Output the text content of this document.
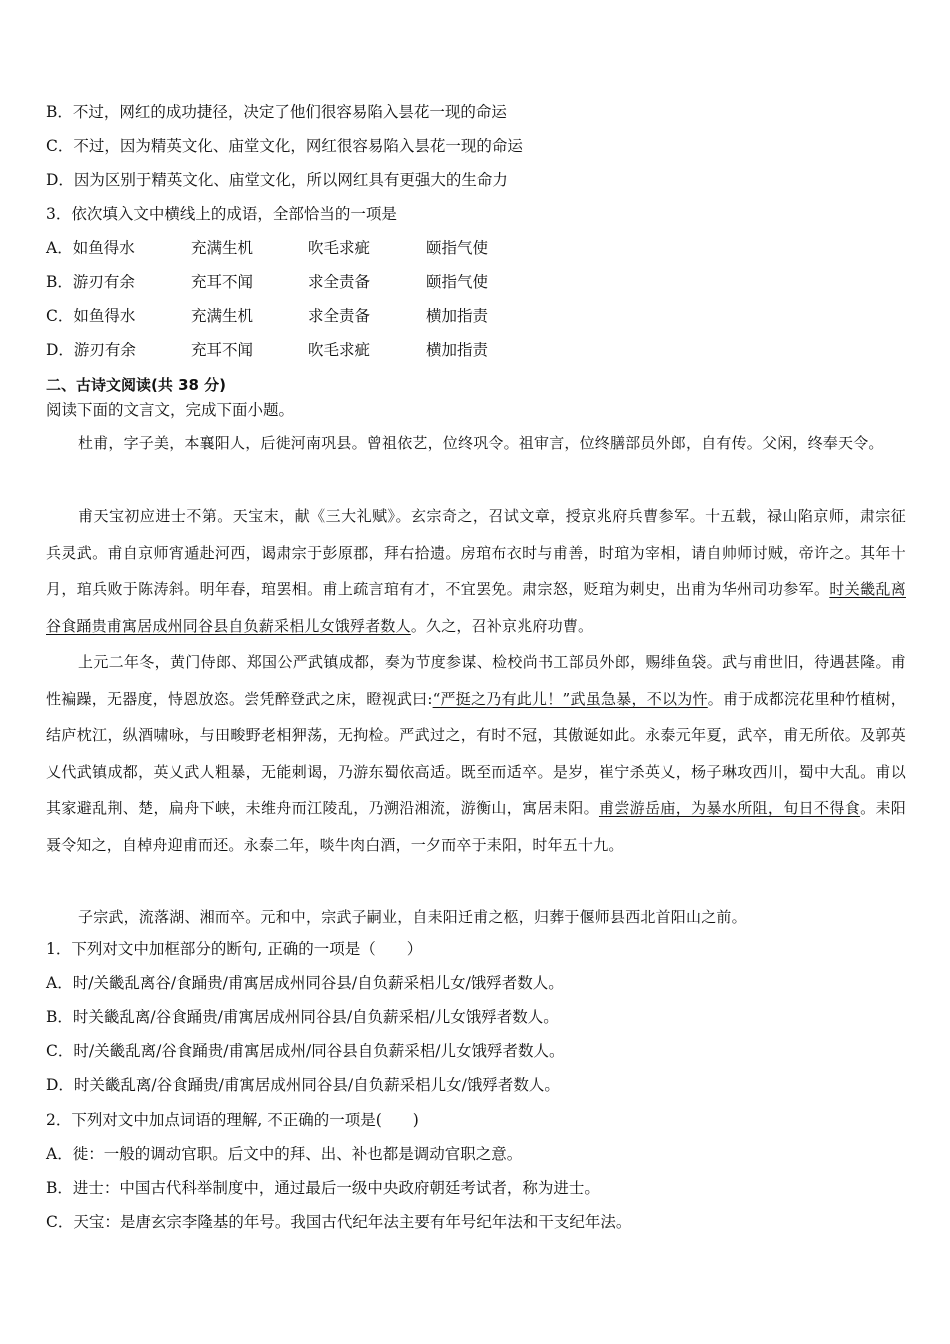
B．不过，网红的成功捷径，决定了他们很容易陷入昙花一现的命运
C．不过，因为精英文化、庙堂文化，网红很容易陷入昙花一现的命运
D．因为区别于精英文化、庙堂文化，所以网红具有更强大的生命力
3．依次填入文中横线上的成语，全部恰当的一项是
A．如鱼得水	充满生机	吹毛求疵	颐指气使
B．游刃有余	充耳不闻	求全责备	颐指气使
C．如鱼得水	充满生机	求全责备	横加指责
D．游刃有余	充耳不闻	吹毛求疵	横加指责
二、古诗文阅读(共 38 分)
阅读下面的文言文，完成下面小题。
杜甫，字子美，本襄阳人，后徙河南巩县。曾祖依艺，位终巩令。祖审言，位终膳部员外郎，自有传。父闲，终奉天令。
甫天宝初应进士不第。天宝末，献《三大礼赋》。玄宗奇之，召试文章，授京兆府兵曹参军。十五载，禄山陷京师，肃宗征兵灵武。甫自京师宵遁赴河西，谒肃宗于彭原郡，拜右拾遗。房琯布衣时与甫善，时琯为宰相，请自帅师讨贼，帝许之。其年十月，琯兵败于陈涛斜。明年春，琯罢相。甫上疏言琯有才，不宜罢免。肃宗怒，贬琯为刺史，出甫为华州司功参军。时关畿乱离谷食踊贵甫寓居成州同谷县自负薪采梠儿女饿殍者数人。久之，召补京兆府功曹。
上元二年冬，黄门侍郎、郑国公严武镇成都，奏为节度参谋、检校尚书工部员外郎，赐绯鱼袋。武与甫世旧，待遇甚隆。甫性褊躁，无器度，恃恩放恣。尝凭醉登武之床，瞪视武曰:“严挺之乃有此儿！”武虽急暴，不以为忤。甫于成都浣花里种竹植树，结庐枕江，纵酒啸咏，与田畯野老相狎荡，无拘检。严武过之，有时不冠，其傲诞如此。永泰元年夏，武卒，甫无所依。及郭英乂代武镇成都，英乂武人粗暴，无能刺谒，乃游东蜀依高适。既至而适卒。是岁，崔宁杀英乂，杨子琳攻西川，蜀中大乱。甫以其家避乱荆、楚，扁舟下峡，未维舟而江陵乱，乃溯沿湘流，游衡山，寓居耒阳。甫尝游岳庙，为暴水所阻，旬日不得食。耒阳聂令知之，自棹舟迎甫而还。永泰二年，啖牛肉白酒，一夕而卒于耒阳，时年五十九。
子宗武，流落湖、湘而卒。元和中，宗武子嗣业，自耒阳迁甫之柩，归葬于偃师县西北首阳山之前。
1．下列对文中加框部分的断句, 正确的一项是（　　）
A．时/关畿乱离谷/食踊贵/甫寓居成州同谷县/自负薪采梠儿女/饿殍者数人。
B．时关畿乱离/谷食踊贵/甫寓居成州同谷县/自负薪采梠/儿女饿殍者数人。
C．时/关畿乱离/谷食踊贵/甫寓居成州/同谷县自负薪采梠/儿女饿殍者数人。
D．时关畿乱离/谷食踊贵/甫寓居成州同谷县/自负薪采梠儿女/饿殍者数人。
2．下列对文中加点词语的理解, 不正确的一项是(　　)
A．徙：一般的调动官职。后文中的拜、出、补也都是调动官职之意。
B．进士：中国古代科举制度中，通过最后一级中央政府朝廷考试者，称为进士。
C．天宝：是唐玄宗李隆基的年号。我国古代纪年法主要有年号纪年法和干支纪年法。
